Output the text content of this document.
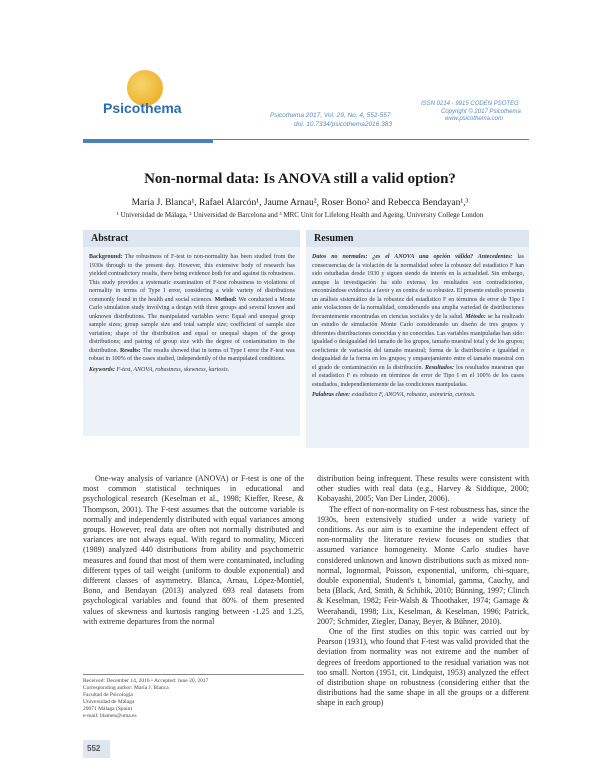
Psicothema	Psicothema 2017, Vol. 29, No. 4, 552-557
doi: 10.7334/psicothema2016.383
ISSN 0214 - 9915 CODEN PSOTEG
Copyright © 2017 Psicothema
www.psicothema.com
Non-normal data: Is ANOVA still a valid option?
María J. Blanca¹, Rafael Alarcón¹, Jaume Arnau², Roser Bono² and Rebecca Bendayan¹,³
¹ Universidad de Málaga, ² Universidad de Barcelona and ³ MRC Unit for Lifelong Health and Ageing, University College London
Abstract
Background: The robustness of F-test to non-normality has been studied from the 1930s through to the present day. However, this extensive body of research has yielded contradictory results, there being evidence both for and against its robustness. This study provides a systematic examination of F-test robustness to violations of normality in terms of Type I error, considering a wide variety of distributions commonly found in the health and social sciences. Method: We conducted a Monte Carlo simulation study involving a design with three groups and several known and unknown distributions. The manipulated variables were: Equal and unequal group sample sizes; group sample size and total sample size; coefficient of sample size variation; shape of the distribution and equal or unequal shapes of the group distributions; and pairing of group size with the degree of contamination in the distribution. Results: The results showed that in terms of Type I error the F-test was robust in 100% of the cases studied, independently of the manipulated conditions.
Keywords: F-test, ANOVA, robustness, skewness, kurtosis.
Resumen
Datos no normales: ¿es el ANOVA una opción válida? Antecedentes: las consecuencias de la violación de la normalidad sobre la robustez del estadístico F han sido estudiadas desde 1930 y siguen siendo de interés en la actualidad. Sin embargo, aunque la investigación ha sido extensa, los resultados son contradictorios, encontrándose evidencia a favor y en contra de su robustez. El presente estudio presenta un análisis sistemático de la robustez del estadístico F en términos de error de Tipo I ante violaciones de la normalidad, considerando una amplia variedad de distribuciones frecuentemente encontradas en ciencias sociales y de la salud. Método: se ha realizado un estudio de simulación Monte Carlo considerando un diseño de tres grupos y diferentes distribuciones conocidas y no conocidas. Las variables manipuladas han sido: igualdad o desigualdad del tamaño de los grupos, tamaño muestral total y de los grupos; coeficiente de variación del tamaño muestral; forma de la distribución e igualdad o desigualdad de la forma en los grupos; y emparejamiento entre el tamaño muestral con el grado de contaminación en la distribución. Resultados: los resultados muestran que el estadístico F es robusto en términos de error de Tipo I en el 100% de los casos estudiados, independientemente de las condiciones manipuladas.
Palabras clave: estadístico F, ANOVA, robustez, asimetría, curtosis.

One-way analysis of variance (ANOVA) or F-test is one of the most common statistical techniques in educational and psychological research (Keselman et al., 1998; Kieffer, Reese, & Thompson, 2001). The F-test assumes that the outcome variable is normally and independently distributed with equal variances among groups. However, real data are often not normally distributed and variances are not always equal. With regard to normality, Micceri (1989) analyzed 440 distributions from ability and psychometric measures and found that most of them were contaminated, including different types of tail weight (uniform to double exponential) and different classes of asymmetry. Blanca, Arnau, López-Montiel, Bono, and Bendayan (2013) analyzed 693 real datasets from psychological variables and found that 80% of them presented values of skewness and kurtosis ranging between -1.25 and 1.25, with extreme departures from the normal

distribution being infrequent. These results were consistent with other studies with real data (e.g., Harvey & Siddique, 2000; Kobayashi, 2005; Van Der Linder, 2006).

The effect of non-normality on F-test robustness has, since the 1930s, been extensively studied under a wide variety of conditions. As our aim is to examine the independent effect of non-normality the literature review focuses on studies that assumed variance homogeneity. Monte Carlo studies have considered unknown and known distributions such as mixed non-normal, lognormal, Poisson, exponential, uniform, chi-square, double exponential, Student's t, binomial, gamma, Cauchy, and beta (Black, Ard, Smith, & Schibik, 2010; Bünning, 1997; Clinch & Keselman, 1982; Feir-Walsh & Thoothaker, 1974; Gamage & Weerahandi, 1998; Lix, Keselman, & Keselman, 1996; Patrick, 2007; Schmider, Ziegler, Danay, Beyer, & Bühner, 2010).

One of the first studies on this topic was carried out by Pearson (1931), who found that F-test was valid provided that the deviation from normality was not extreme and the number of degrees of freedom apportioned to the residual variation was not too small. Norton (1951, cit. Lindquist, 1953) analyzed the effect of distribution shape on robustness (considering either that the distributions had the same shape in all the groups or a different shape in each group)

Received: December 14, 2016 • Accepted: June 20, 2017
Corresponding author: María J. Blanca
Facultad de Psicología
Universidad de Málaga
29071 Málaga (Spain)
e-mail: blamen@uma.es
552
